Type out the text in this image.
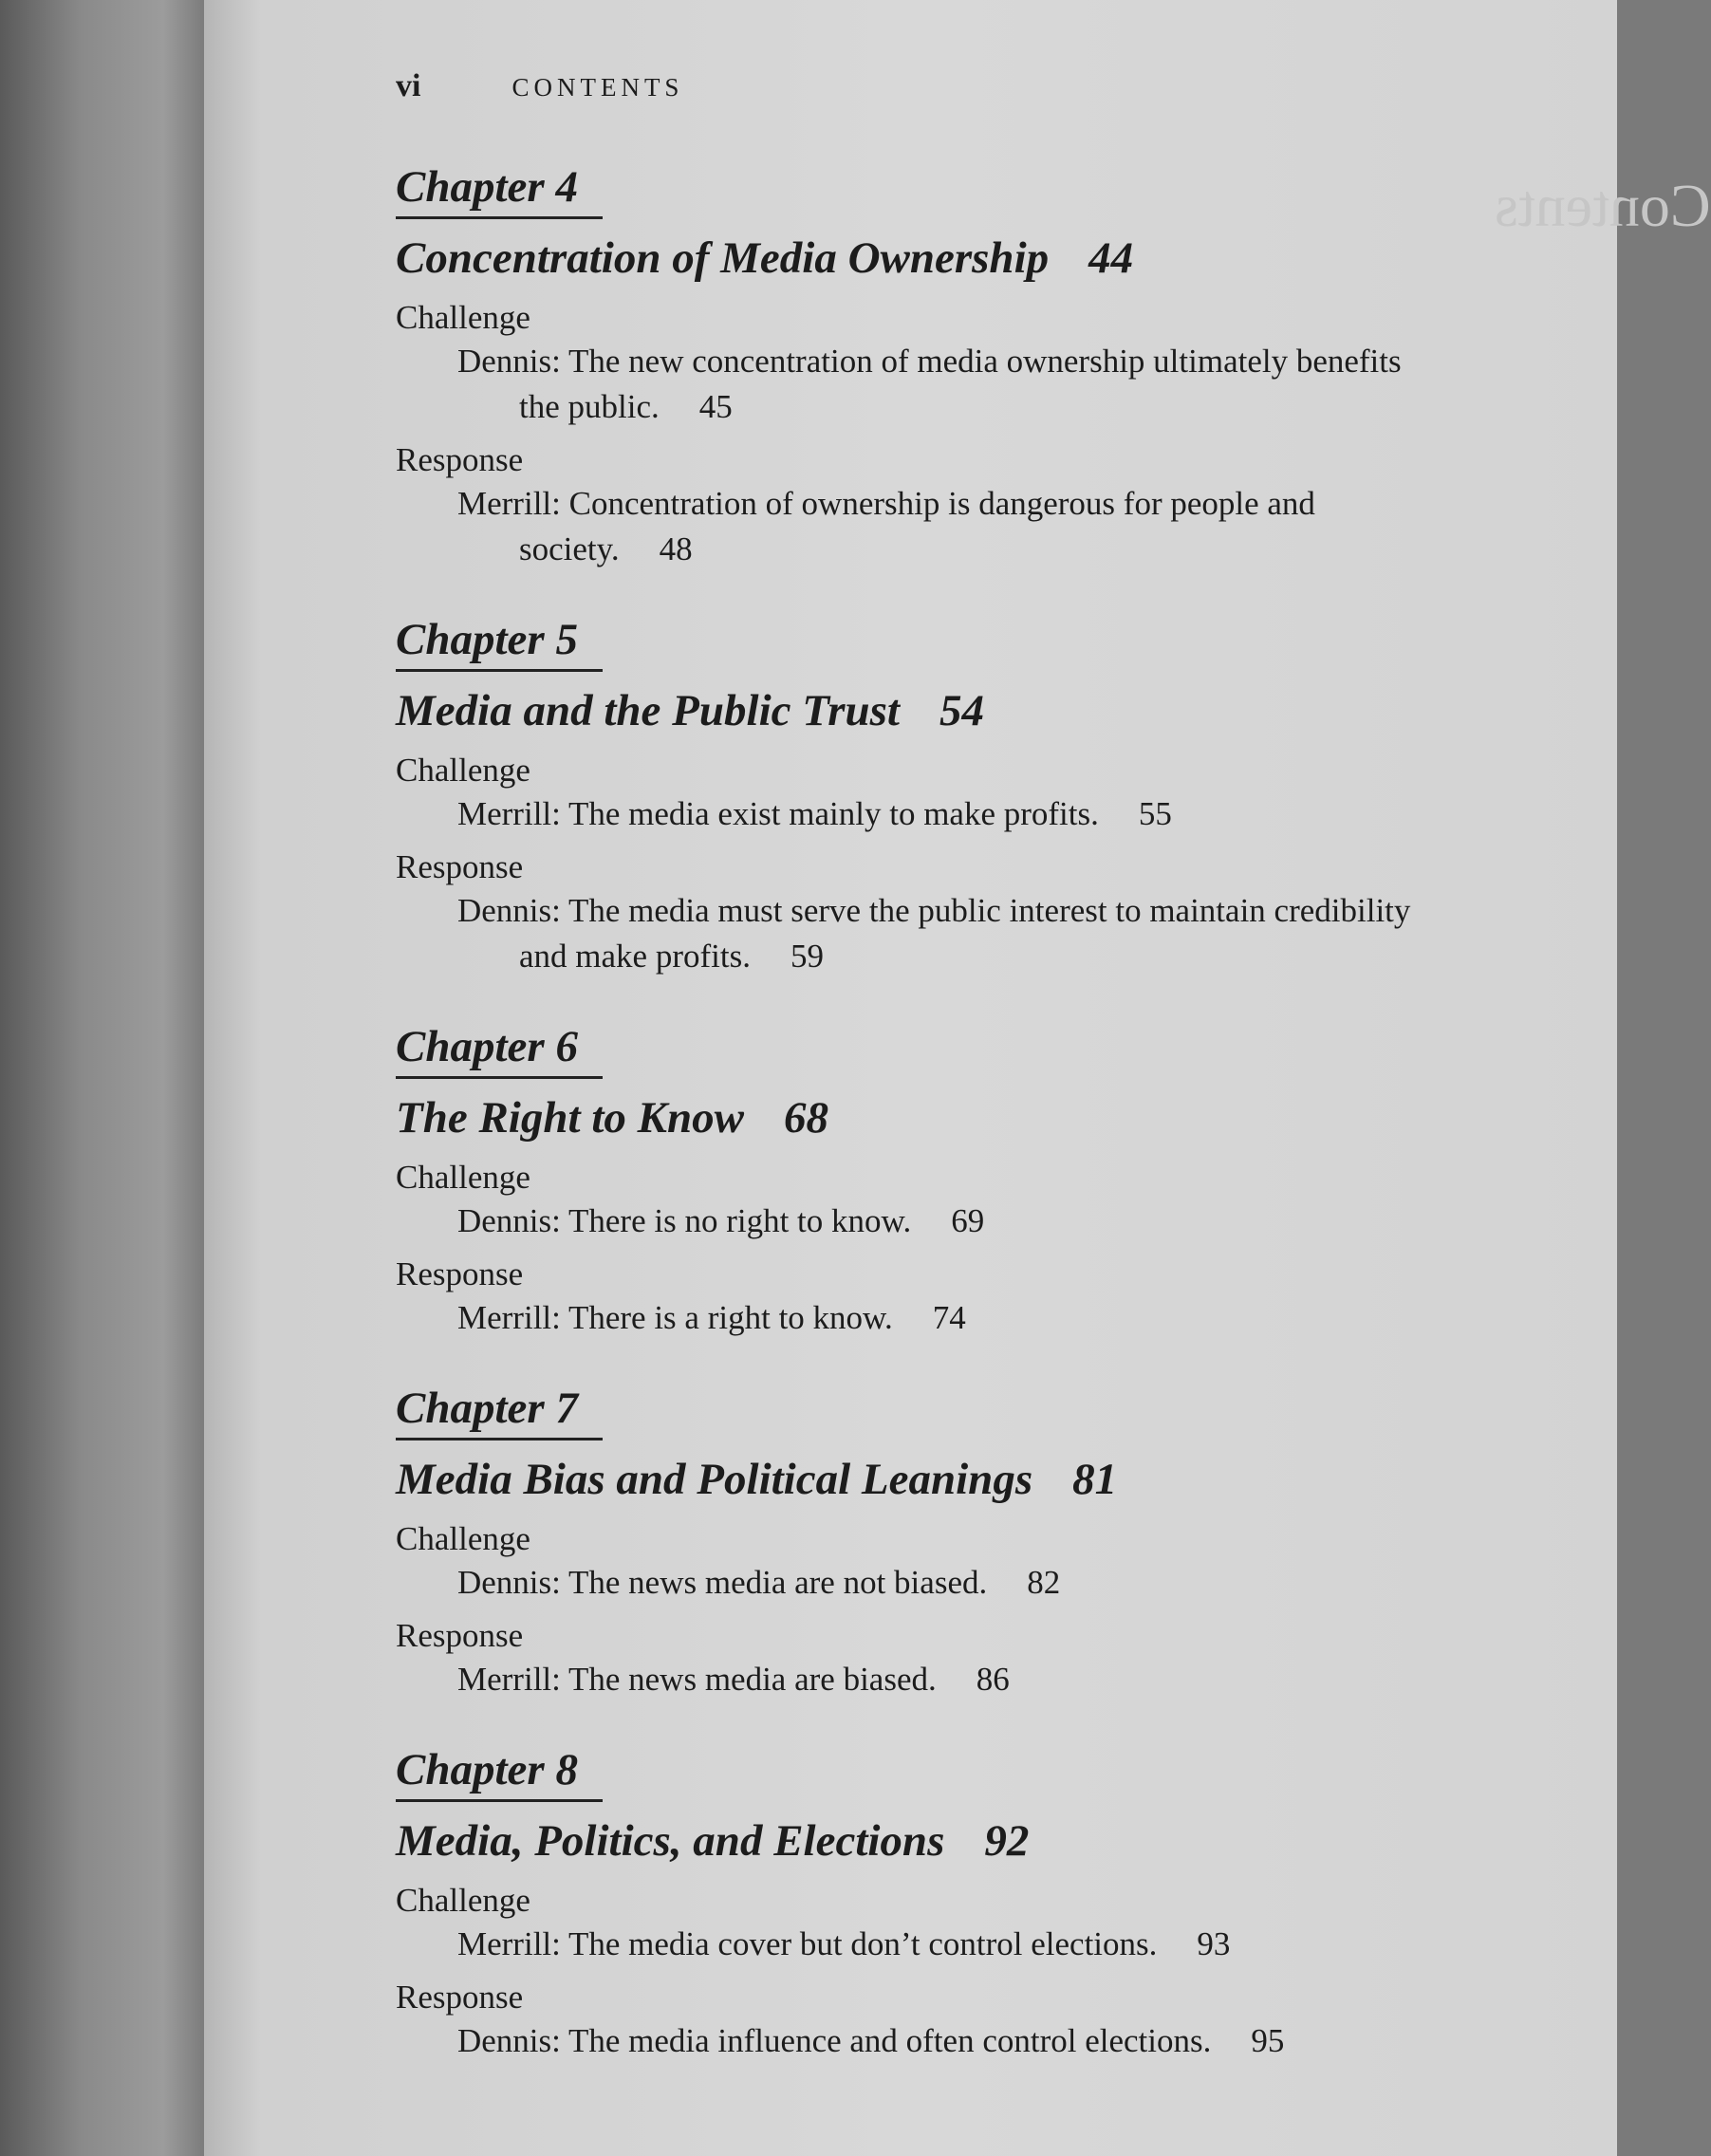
Contents
vi	CONTENTS
Chapter 4
Concentration of Media Ownership 44
Challenge
Dennis: The new concentration of media ownership ultimately benefits the public. 45
Response
Merrill: Concentration of ownership is dangerous for people and society. 48
Chapter 5
Media and the Public Trust 54
Challenge
Merrill: The media exist mainly to make profits. 55
Response
Dennis: The media must serve the public interest to maintain credibility and make profits. 59
Chapter 6
The Right to Know 68
Challenge
Dennis: There is no right to know. 69
Response
Merrill: There is a right to know. 74
Chapter 7
Media Bias and Political Leanings 81
Challenge
Dennis: The news media are not biased. 82
Response
Merrill: The news media are biased. 86
Chapter 8
Media, Politics, and Elections 92
Challenge
Merrill: The media cover but don’t control elections. 93
Response
Dennis: The media influence and often control elections. 95
